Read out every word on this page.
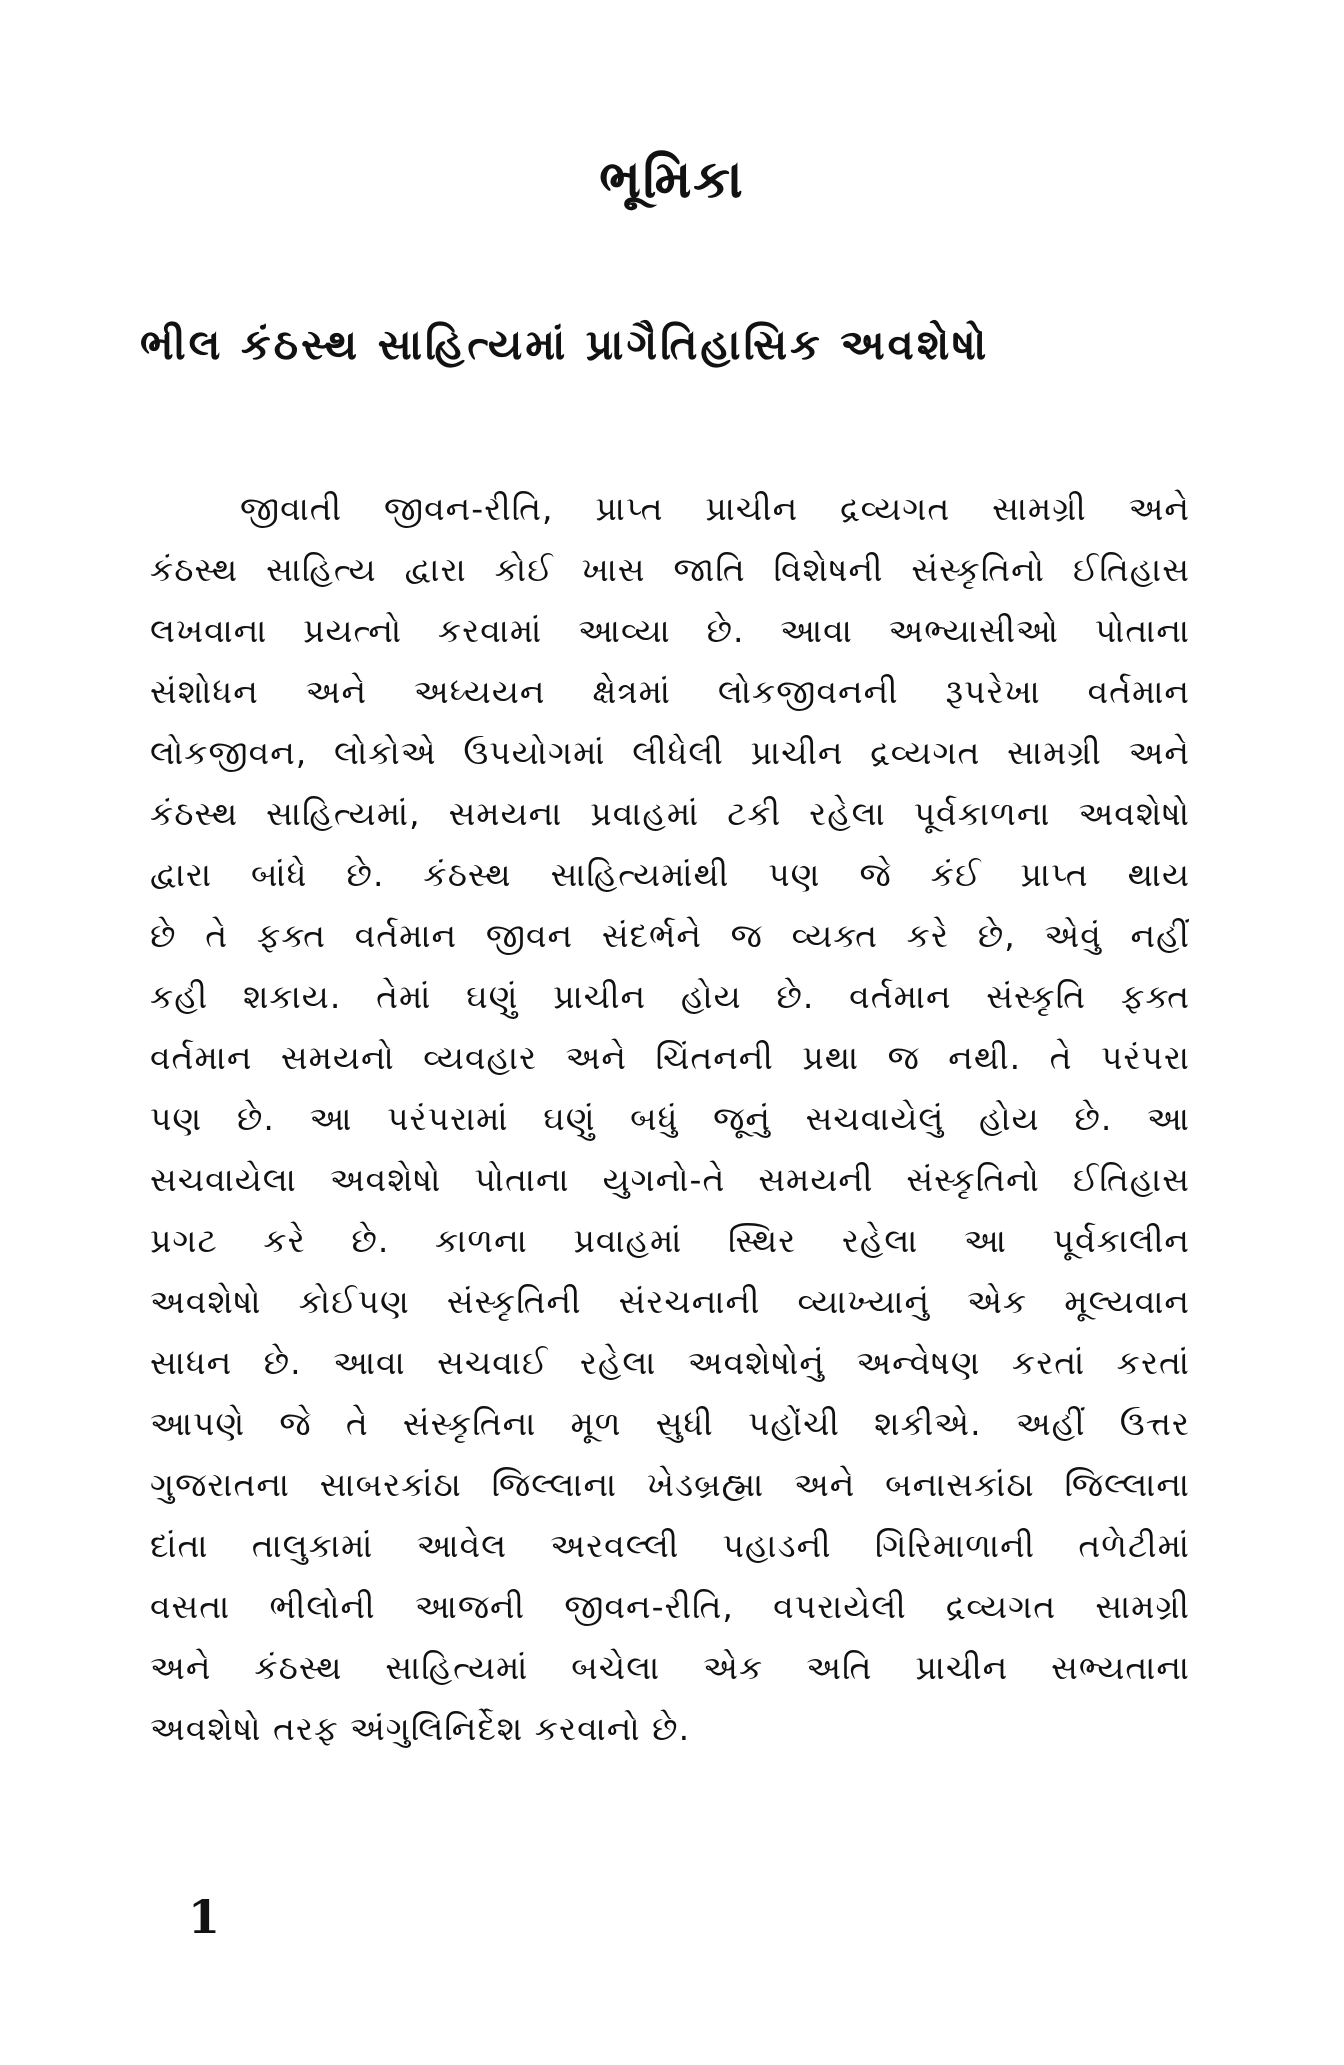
ભૂમિકા
ભીલ કંઠસ્થ સાહિત્યમાં પ્રાગૈતિહાસિક અવશેષો
જીવાતી જીવન-રીતિ, પ્રાપ્ત પ્રાચીન દ્રવ્યગત સામગ્રી અને
કંઠસ્થ સાહિત્ય દ્વારા કોઈ ખાસ જાતિ વિશેષની સંસ્કૃતિનો ઈતિહાસ
લખવાના પ્રયત્નો કરવામાં આવ્યા છે. આવા અભ્યાસીઓ પોતાના
સંશોધન અને અધ્યયન ક્ષેત્રમાં લોકજીવનની રૂપરેખા વર્તમાન
લોકજીવન, લોકોએ ઉપયોગમાં લીધેલી પ્રાચીન દ્રવ્યગત સામગ્રી અને
કંઠસ્થ સાહિત્યમાં, સમયના પ્રવાહમાં ટકી રહેલા પૂર્વકાળના અવશેષો
દ્વારા બાંધે છે. કંઠસ્થ સાહિત્યમાંથી પણ જે કંઈ પ્રાપ્ત થાય
છે તે ફક્ત વર્તમાન જીવન સંદર્ભને જ વ્યક્ત કરે છે, એવું નહીં
કહી શકાય. તેમાં ઘણું પ્રાચીન હોય છે. વર્તમાન સંસ્કૃતિ ફક્ત
વર્તમાન સમયનો વ્યવહાર અને ચિંતનની પ્રથા જ નથી. તે પરંપરા
પણ છે. આ પરંપરામાં ઘણું બધું જૂનું સચવાયેલું હોય છે. આ
સચવાયેલા અવશેષો પોતાના યુગનો-તે સમયની સંસ્કૃતિનો ઈતિહાસ
પ્રગટ કરે છે. કાળના પ્રવાહમાં સ્થિર રહેલા આ પૂર્વકાલીન
અવશેષો કોઈપણ સંસ્કૃતિની સંરચનાની વ્યાખ્યાનું એક મૂલ્યવાન
સાધન છે. આવા સચવાઈ રહેલા અવશેષોનું અન્વેષણ કરતાં કરતાં
આપણે જે તે સંસ્કૃતિના મૂળ સુધી પહોંચી શકીએ. અહીં ઉત્તર
ગુજરાતના સાબરકાંઠા જિલ્લાના ખેડબ્રહ્મા અને બનાસકાંઠા જિલ્લાના
દાંતા તાલુકામાં આવેલ અરવલ્લી પહાડની ગિરિમાળાની તળેટીમાં
વસતા ભીલોની આજની જીવન-રીતિ, વપરાયેલી દ્રવ્યગત સામગ્રી
અને કંઠસ્થ સાહિત્યમાં બચેલા એક અતિ પ્રાચીન સભ્યતાના
અવશેષો તરફ અંગુલિનિર્દેશ કરવાનો છે.
1
